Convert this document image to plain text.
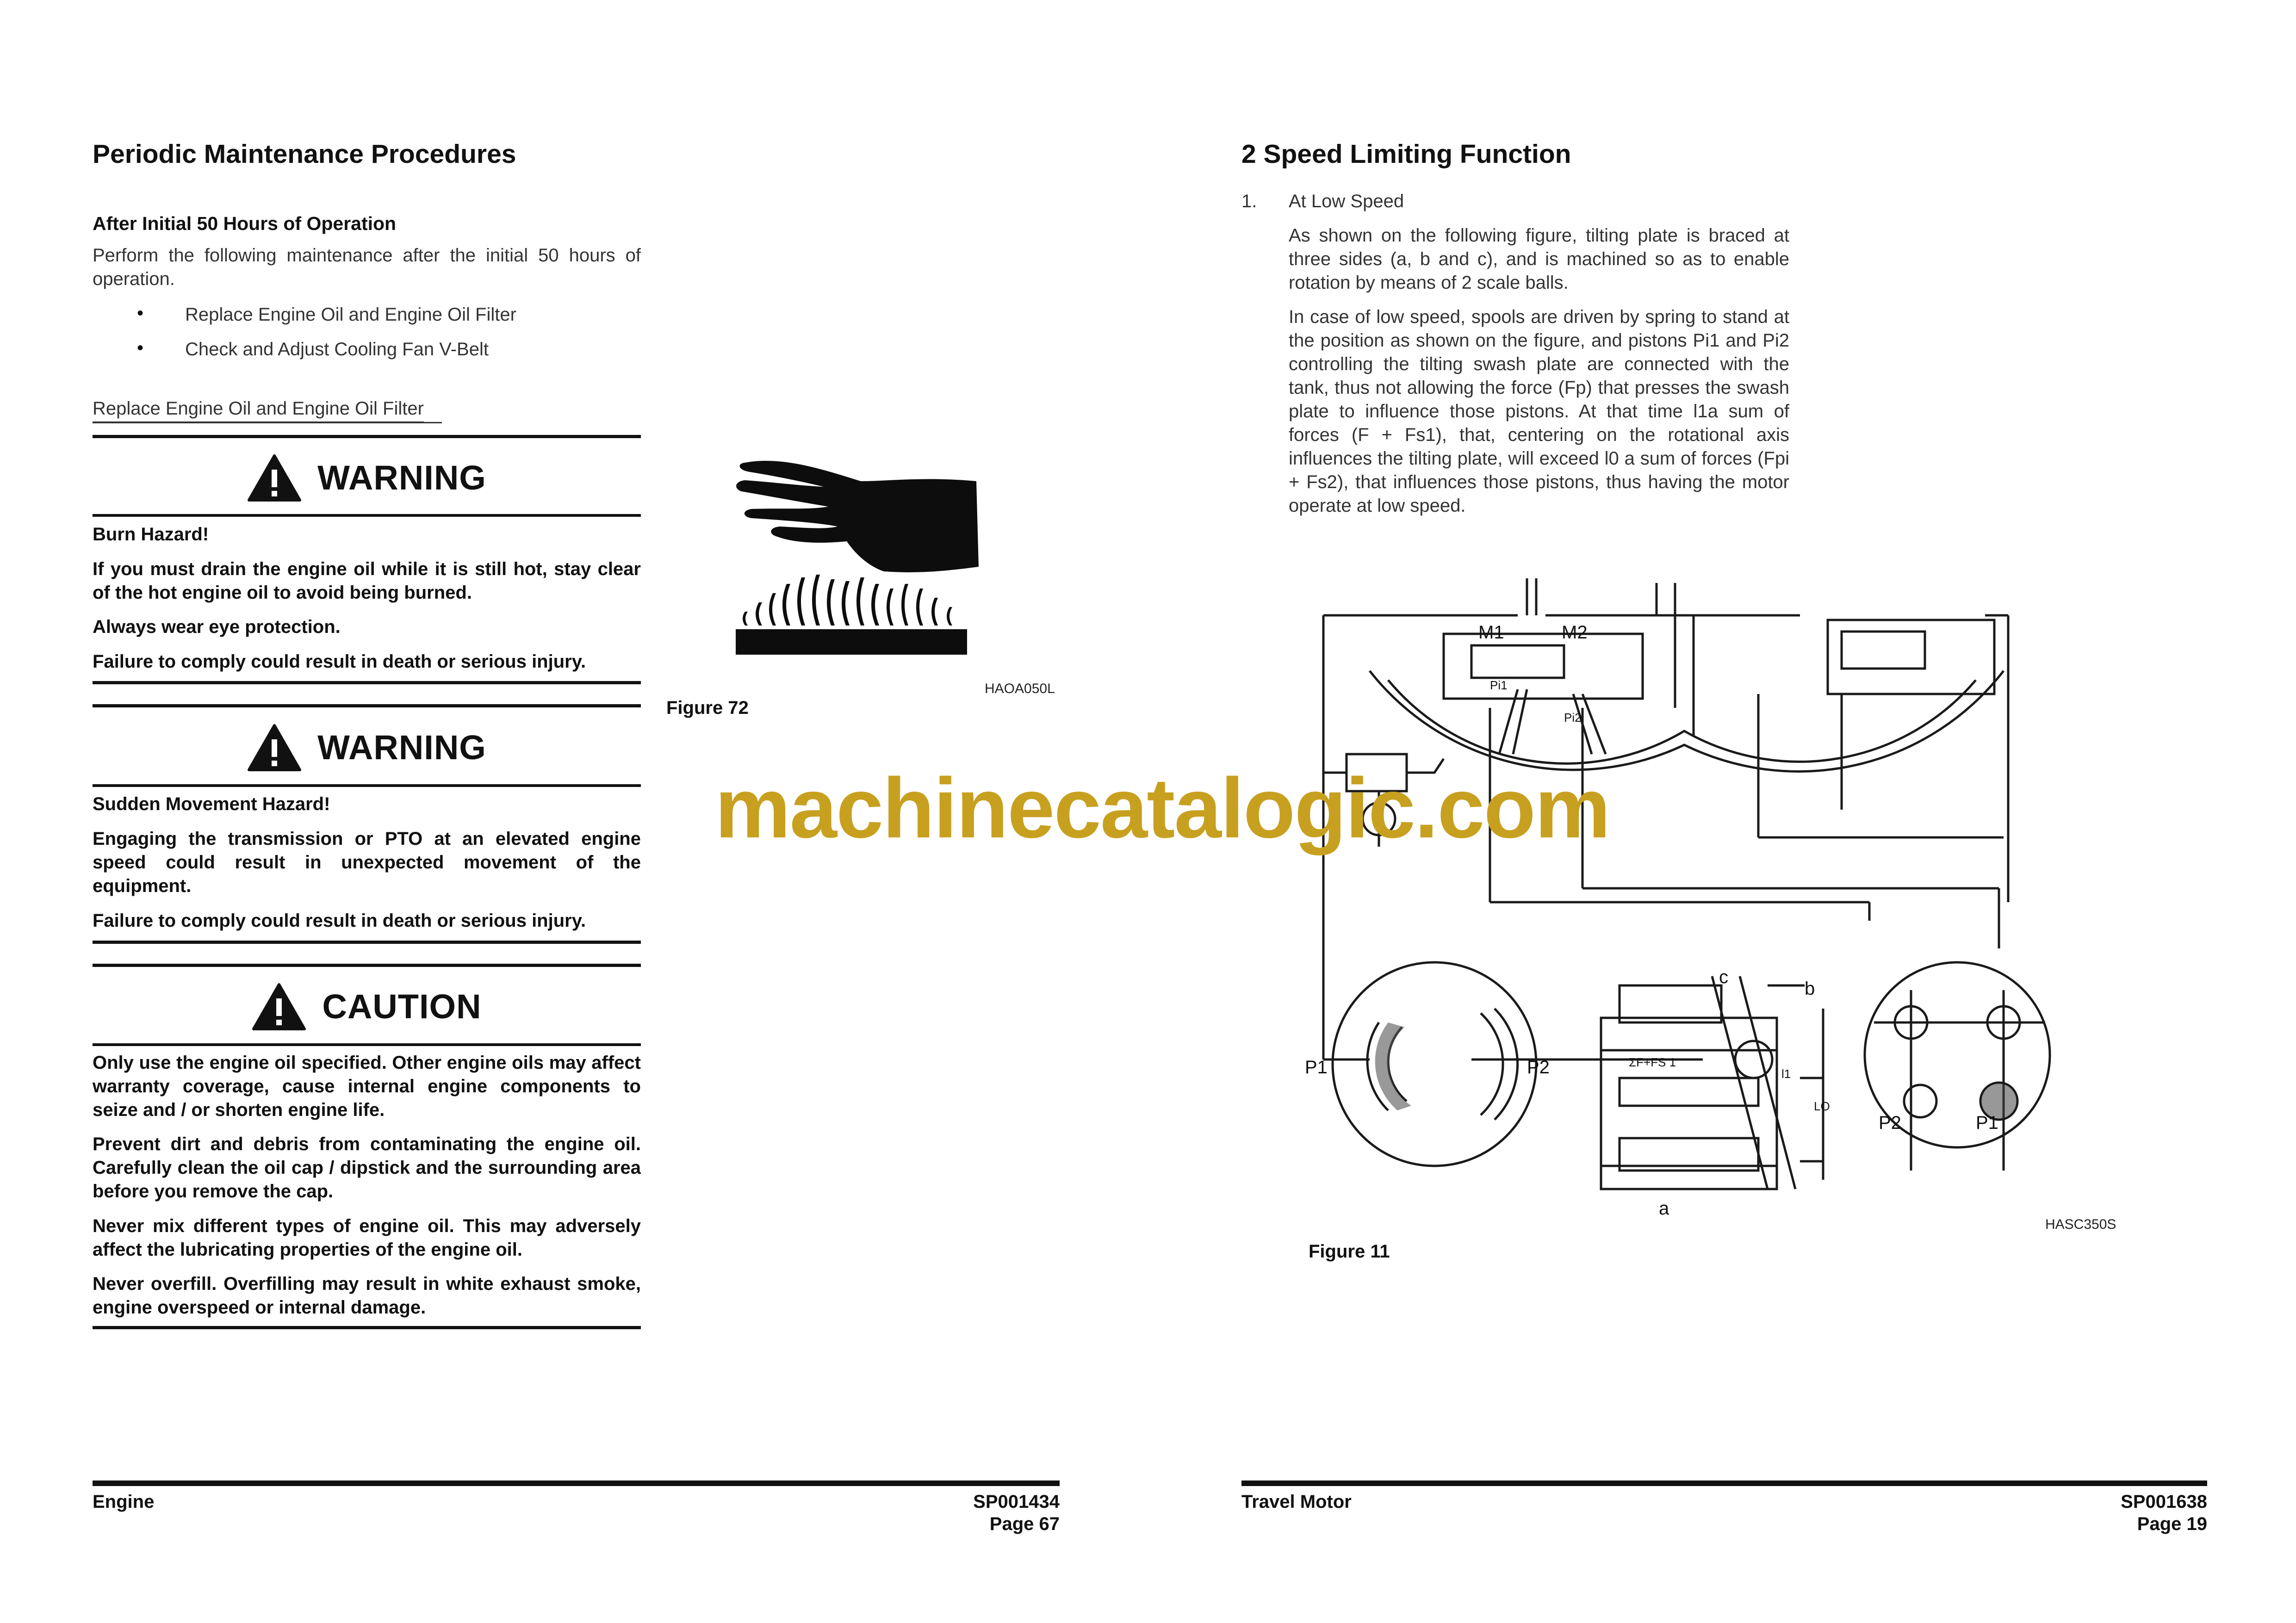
Periodic Maintenance Procedures
After Initial 50 Hours of Operation

Perform the following maintenance after the initial 50 hours of operation.

• Replace Engine Oil and Engine Oil Filter
• Check and Adjust Cooling Fan V-Belt
Replace Engine Oil and Engine Oil Filter
WARNING

Burn Hazard!

If you must drain the engine oil while it is still hot, stay clear of the hot engine oil to avoid being burned.

Always wear eye protection.

Failure to comply could result in death or serious injury.

WARNING

Sudden Movement Hazard!

Engaging the transmission or PTO at an elevated engine speed could result in unexpected movement of the equipment.

Failure to comply could result in death or serious injury.

CAUTION

Only use the engine oil specified. Other engine oils may affect warranty coverage, cause internal engine components to seize and / or shorten engine life.

Prevent dirt and debris from contaminating the engine oil. Carefully clean the oil cap / dipstick and the surrounding area before you remove the cap.

Never mix different types of engine oil. This may adversely affect the lubricating properties of the engine oil.

Never overfill. Overfilling may result in white exhaust smoke, engine overspeed or internal damage.

HAOA050L
Figure 72
Engine	SP001434
Page 67
2 Speed Limiting Function
1. At Low Speed

As shown on the following figure, tilting plate is braced at three sides (a, b and c), and is machined so as to enable rotation by means of 2 scale balls.

In case of low speed, spools are driven by spring to stand at the position as shown on the figure, and pistons Pi1 and Pi2 controlling the tilting swash plate are connected with the tank, thus not allowing the force (Fp) that presses the swash plate to influence those pistons. At that time l1a sum of forces (F + Fs1), that, centering on the rotational axis influences the tilting plate, will exceed l0 a sum of forces (Fpi + Fs2), that influences those pistons, thus having the motor operate at low speed.

M1	M2
P1	P2
P2	P1
c
b
a
ΣF+FS 1
LO
l1
Pi2
Pi1
HASC350S
Figure 11
Travel Motor	SP001638
Page 19
machinecatalogic.com
